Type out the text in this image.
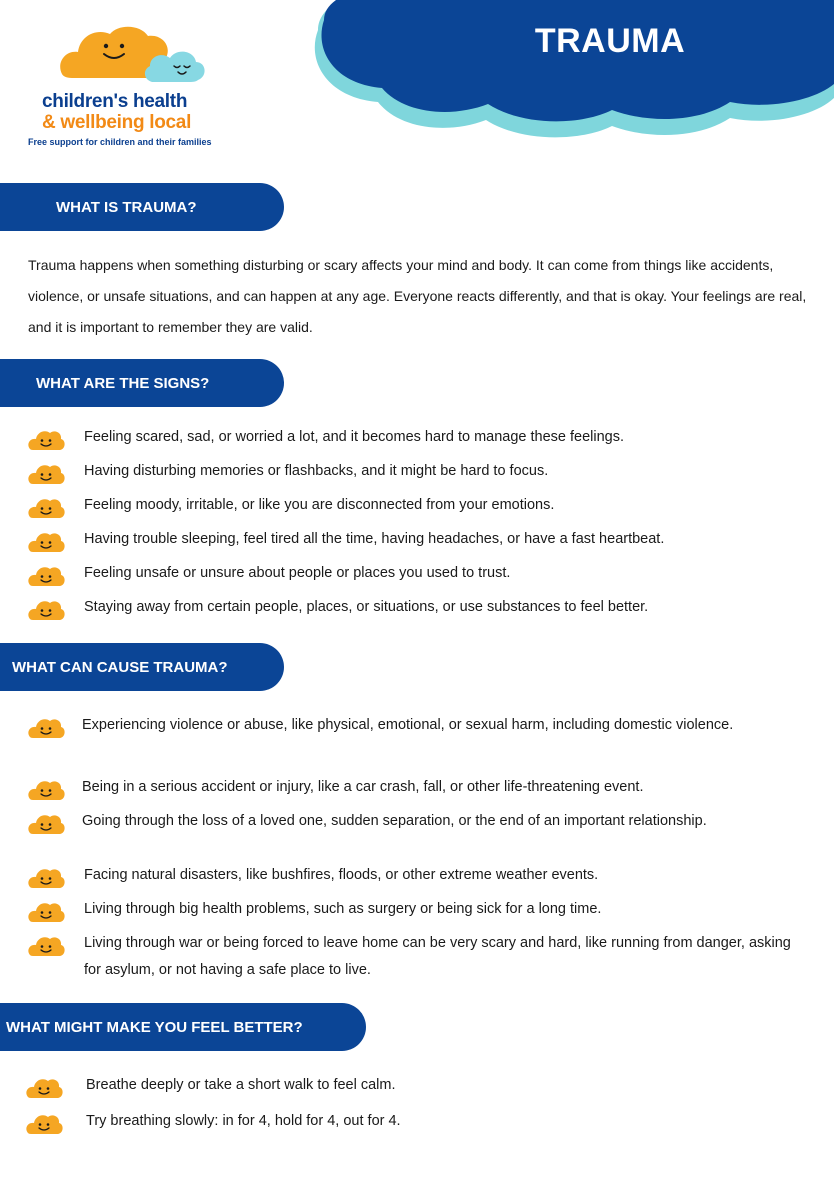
TRAUMA
children's health
& wellbeing local
Free support for children and their families
WHAT IS TRAUMA?

Trauma happens when something disturbing or scary affects your mind and body. It can come from things like accidents, violence, or unsafe situations, and can happen at any age. Everyone reacts differently, and that is okay. Your feelings are real, and it is important to remember they are valid.

WHAT ARE THE SIGNS?
Feeling scared, sad, or worried a lot, and it becomes hard to manage these feelings.
Having disturbing memories or flashbacks, and it might be hard to focus.
Feeling moody, irritable, or like you are disconnected from your emotions.
Having trouble sleeping, feel tired all the time, having headaches, or have a fast heartbeat.
Feeling unsafe or unsure about people or places you used to trust.
Staying away from certain people, places, or situations, or use substances to feel better.
WHAT CAN CAUSE TRAUMA?
Experiencing violence or abuse, like physical, emotional, or sexual harm, including domestic violence.
Being in a serious accident or injury, like a car crash, fall, or other life-threatening event.
Going through the loss of a loved one, sudden separation, or the end of an important relationship.
Facing natural disasters, like bushfires, floods, or other extreme weather events.
Living through big health problems, such as surgery or being sick for a long time.
Living through war or being forced to leave home can be very scary and hard, like running from danger, asking for asylum, or not having a safe place to live.
WHAT MIGHT MAKE YOU FEEL BETTER?
Breathe deeply or take a short walk to feel calm.
Try breathing slowly: in for 4, hold for 4, out for 4.
